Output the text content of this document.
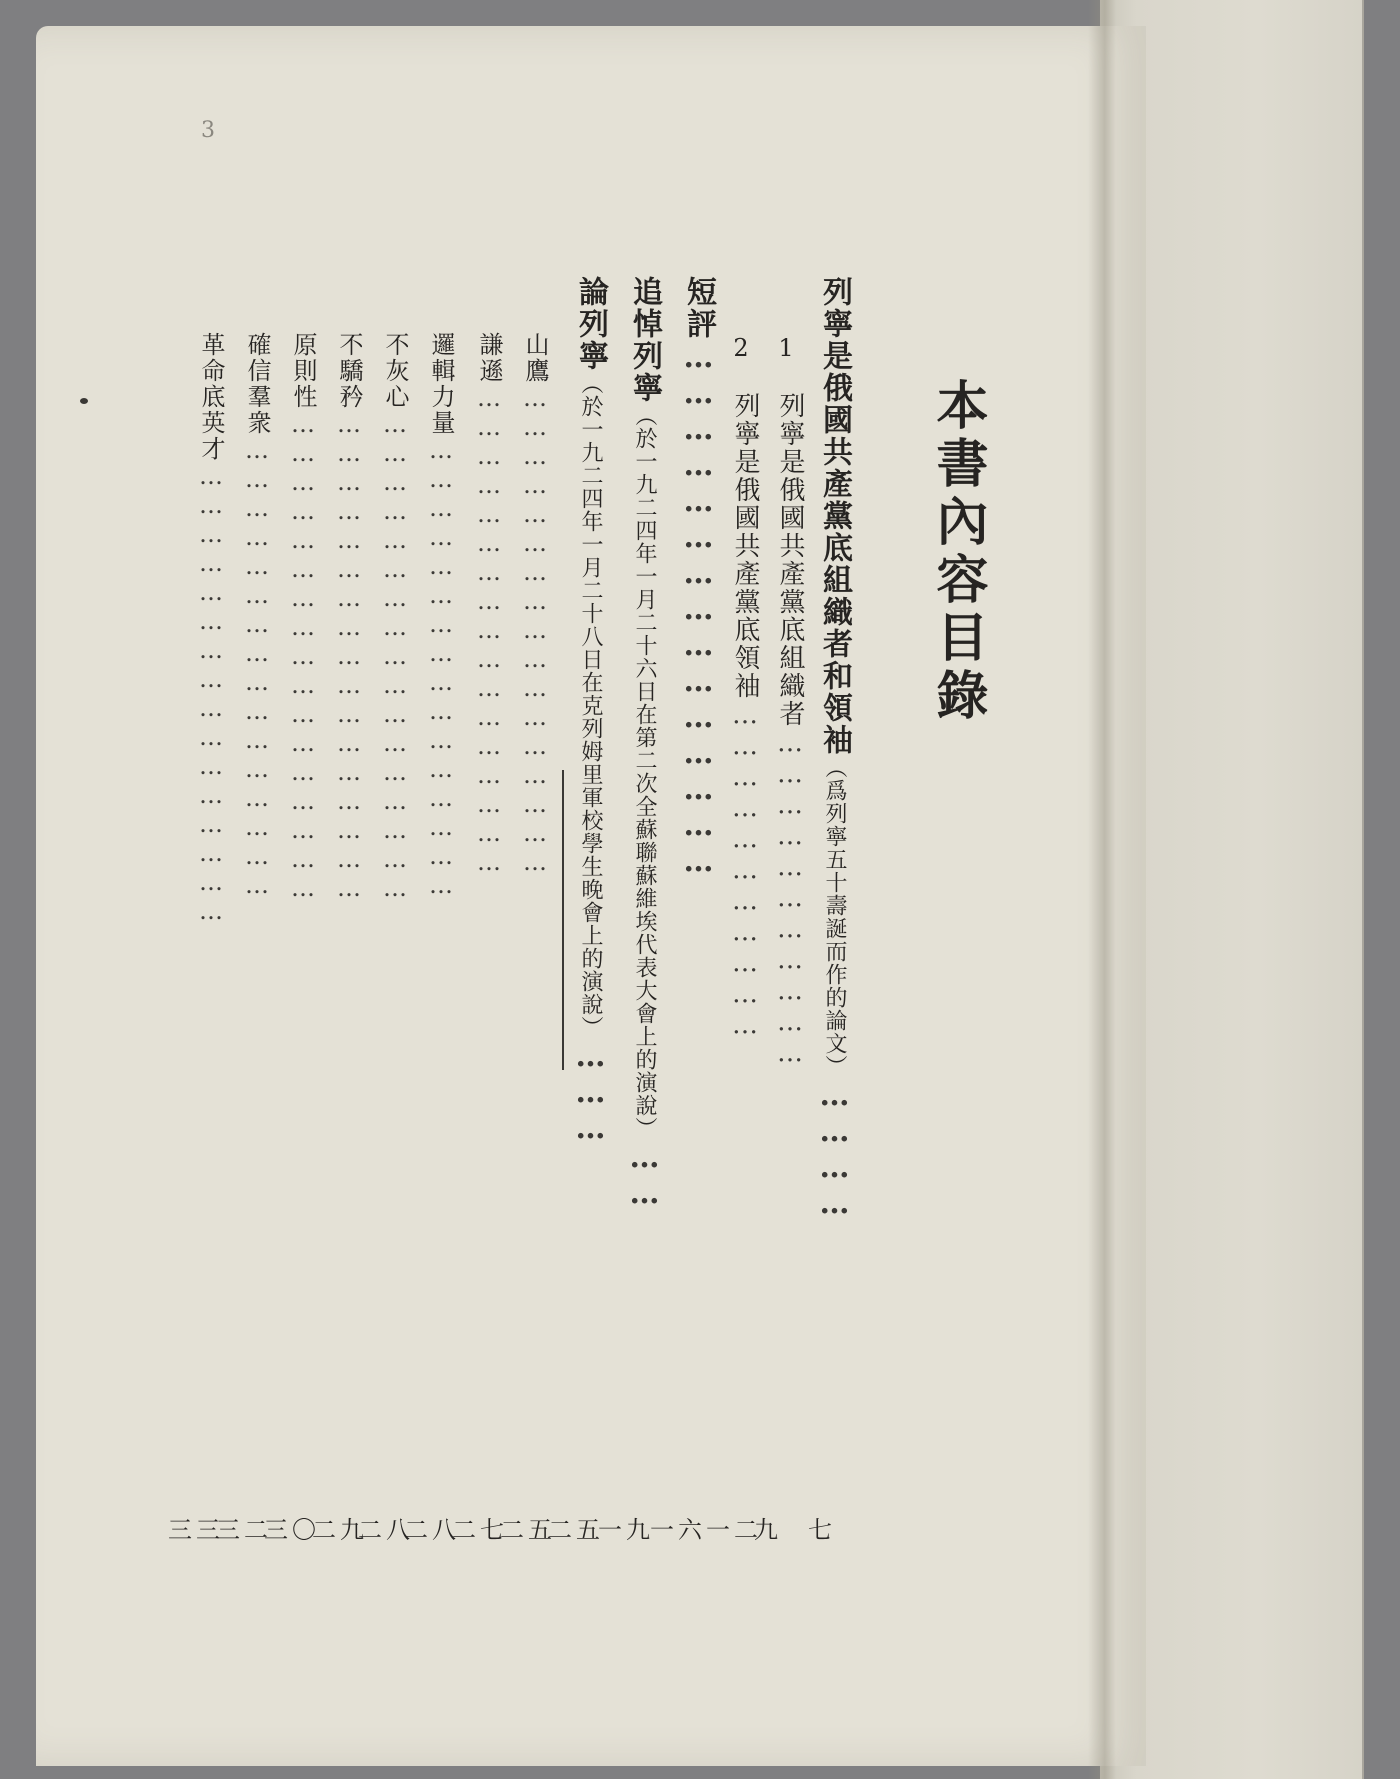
3
本書內容目錄
列寧是俄國共產黨底組織者和領袖（爲列寧五十壽誕而作的論文）…………
七
1
列寧是俄國共產黨底組織者……………………………
九
2
列寧是俄國共產黨底領袖……………………………
一二
短評………………………………………
一六
追悼列寧（於一九二四年一月二十六日在第二次全蘇聯蘇維埃代表大會上的演說）……
一九
論列寧（於一九二四年一月二十八日在克列姆里軍校學生晚會上的演說）………
二五
山鷹……………………………………………
二五
謙遜……………………………………………
二七
邏輯力量…………………………………………
二八
不灰心……………………………………………
二八
不驕矜……………………………………………
二九
原則性……………………………………………
三〇
確信羣衆…………………………………………
三二
革命底英才…………………………………………
三三
